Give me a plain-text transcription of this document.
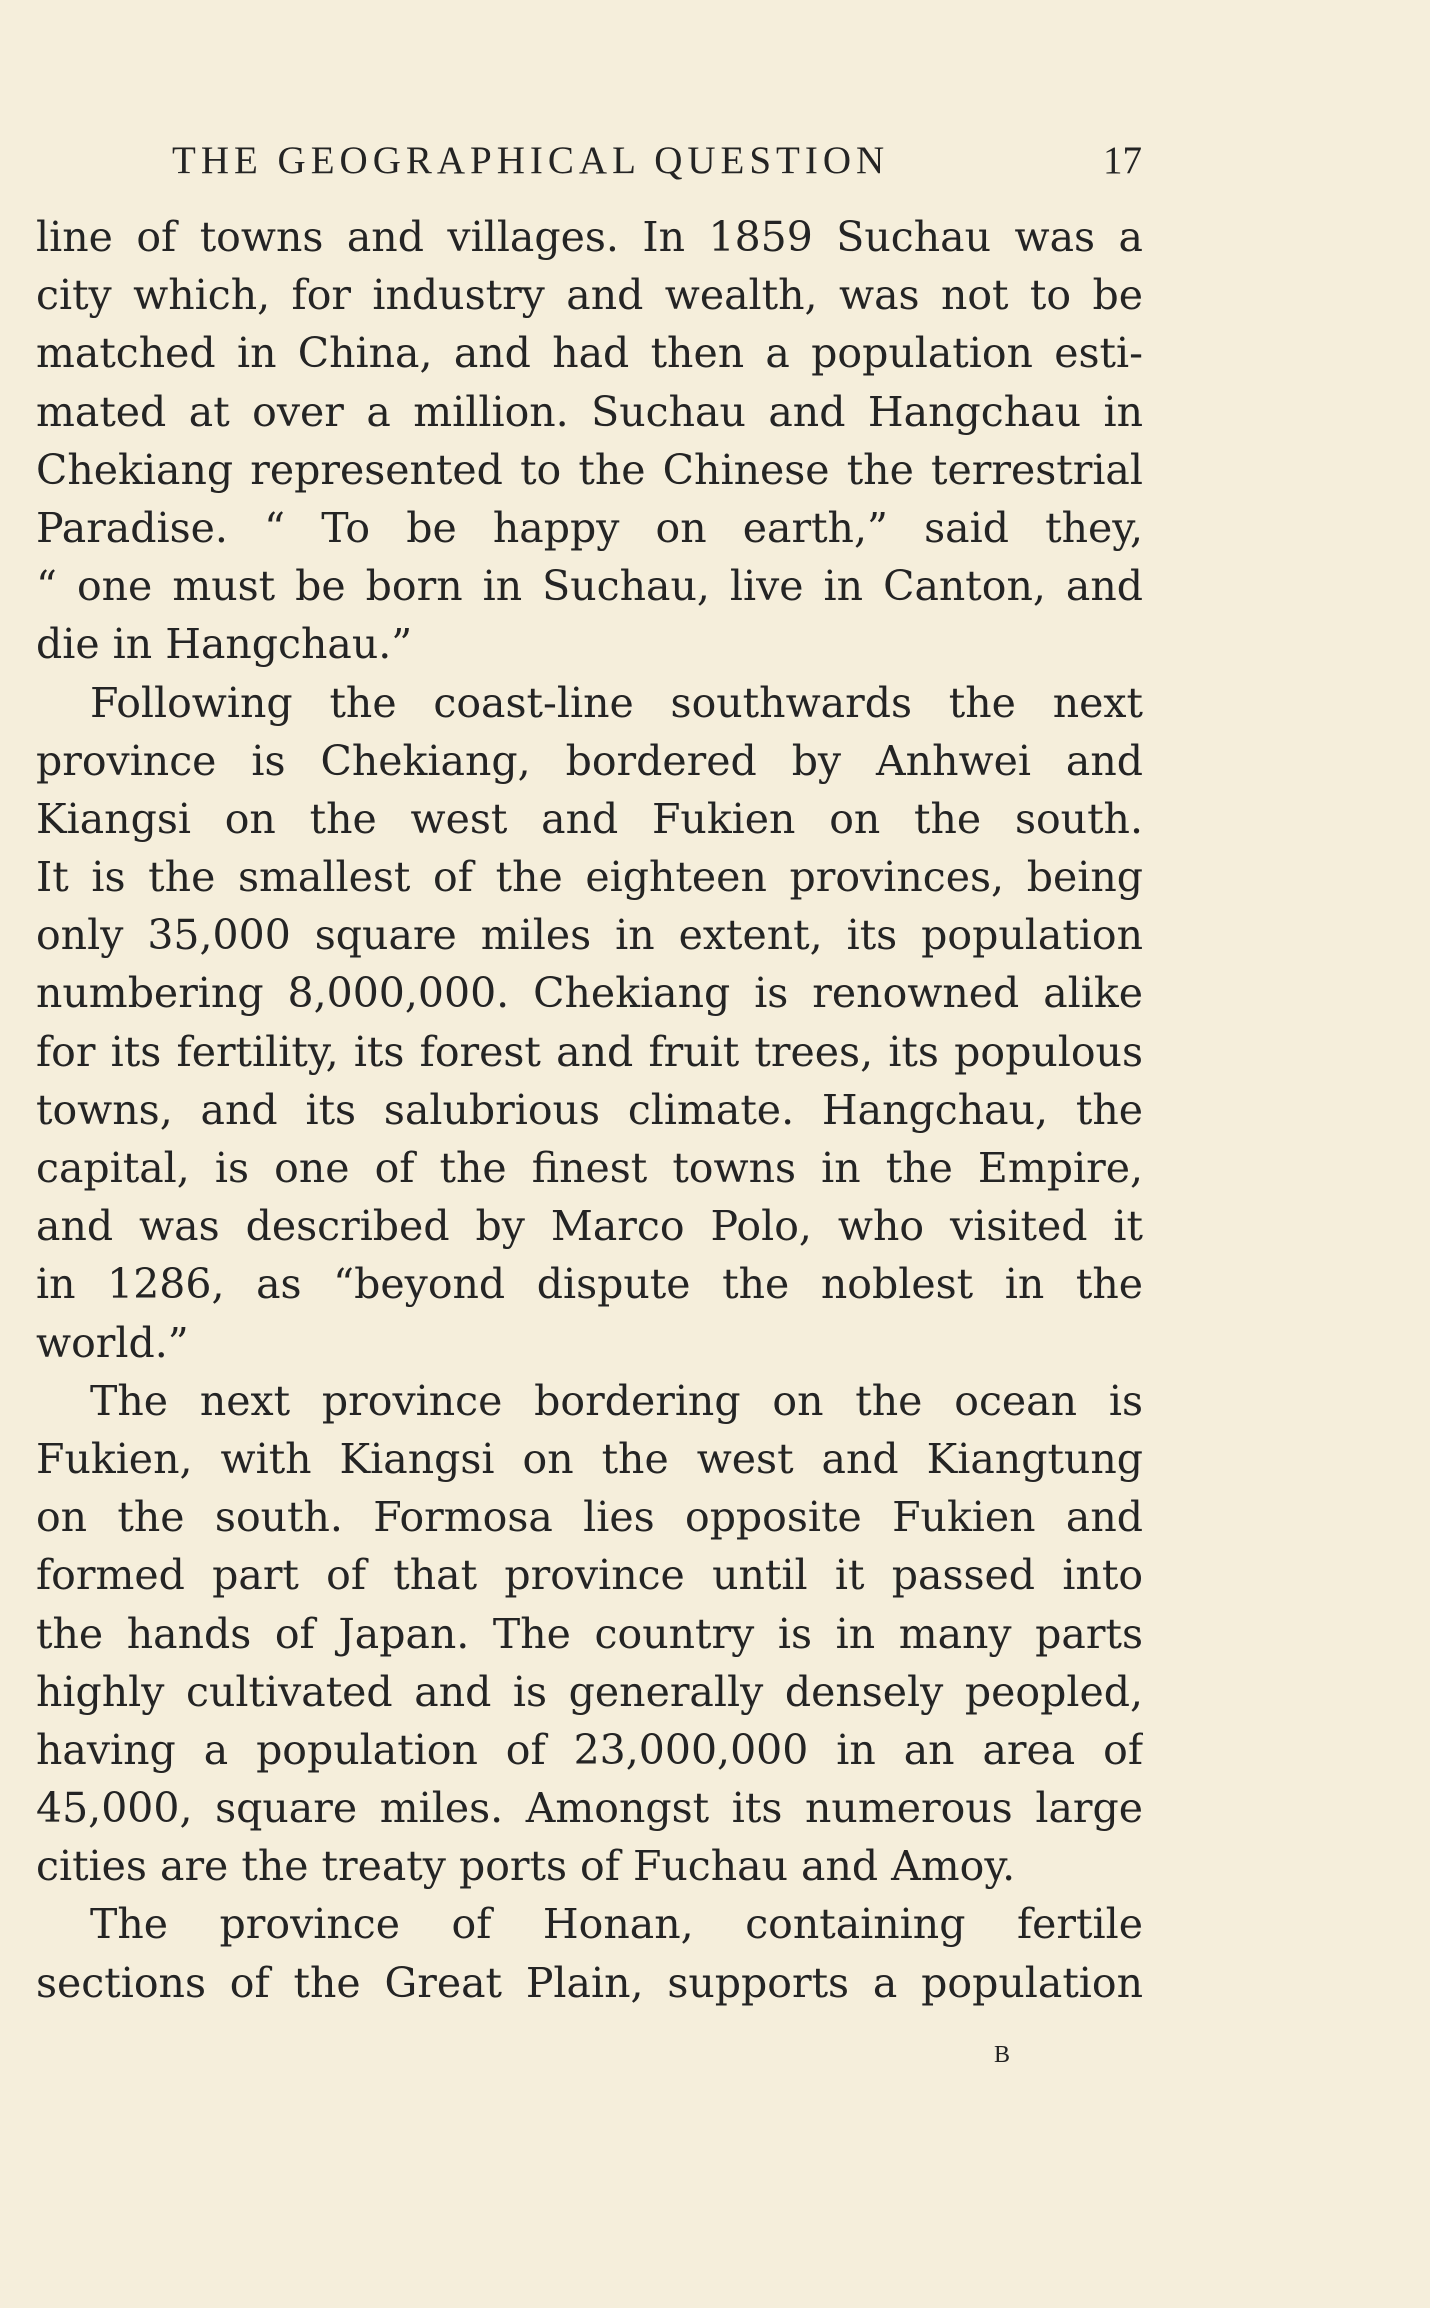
THE GEOGRAPHICAL QUESTION	17
line of towns and villages. In 1859 Suchau was a
city which, for industry and wealth, was not to be
matched in China, and had then a population esti-
mated at over a million. Suchau and Hangchau in
Chekiang represented to the Chinese the terrestrial
Paradise. “ To be happy on earth,” said they,
“ one must be born in Suchau, live in Canton, and
die in Hangchau.”
Following the coast-line southwards the next
province is Chekiang, bordered by Anhwei and
Kiangsi on the west and Fukien on the south.
It is the smallest of the eighteen provinces, being
only 35,000 square miles in extent, its population
numbering 8,000,000. Chekiang is renowned alike
for its fertility, its forest and fruit trees, its populous
towns, and its salubrious climate. Hangchau, the
capital, is one of the finest towns in the Empire,
and was described by Marco Polo, who visited it
in 1286, as “beyond dispute the noblest in the
world.”
The next province bordering on the ocean is
Fukien, with Kiangsi on the west and Kiangtung
on the south. Formosa lies opposite Fukien and
formed part of that province until it passed into
the hands of Japan. The country is in many parts
highly cultivated and is generally densely peopled,
having a population of 23,000,000 in an area of
45,000, square miles. Amongst its numerous large
cities are the treaty ports of Fuchau and Amoy.
The province of Honan, containing fertile
sections of the Great Plain, supports a population
B
